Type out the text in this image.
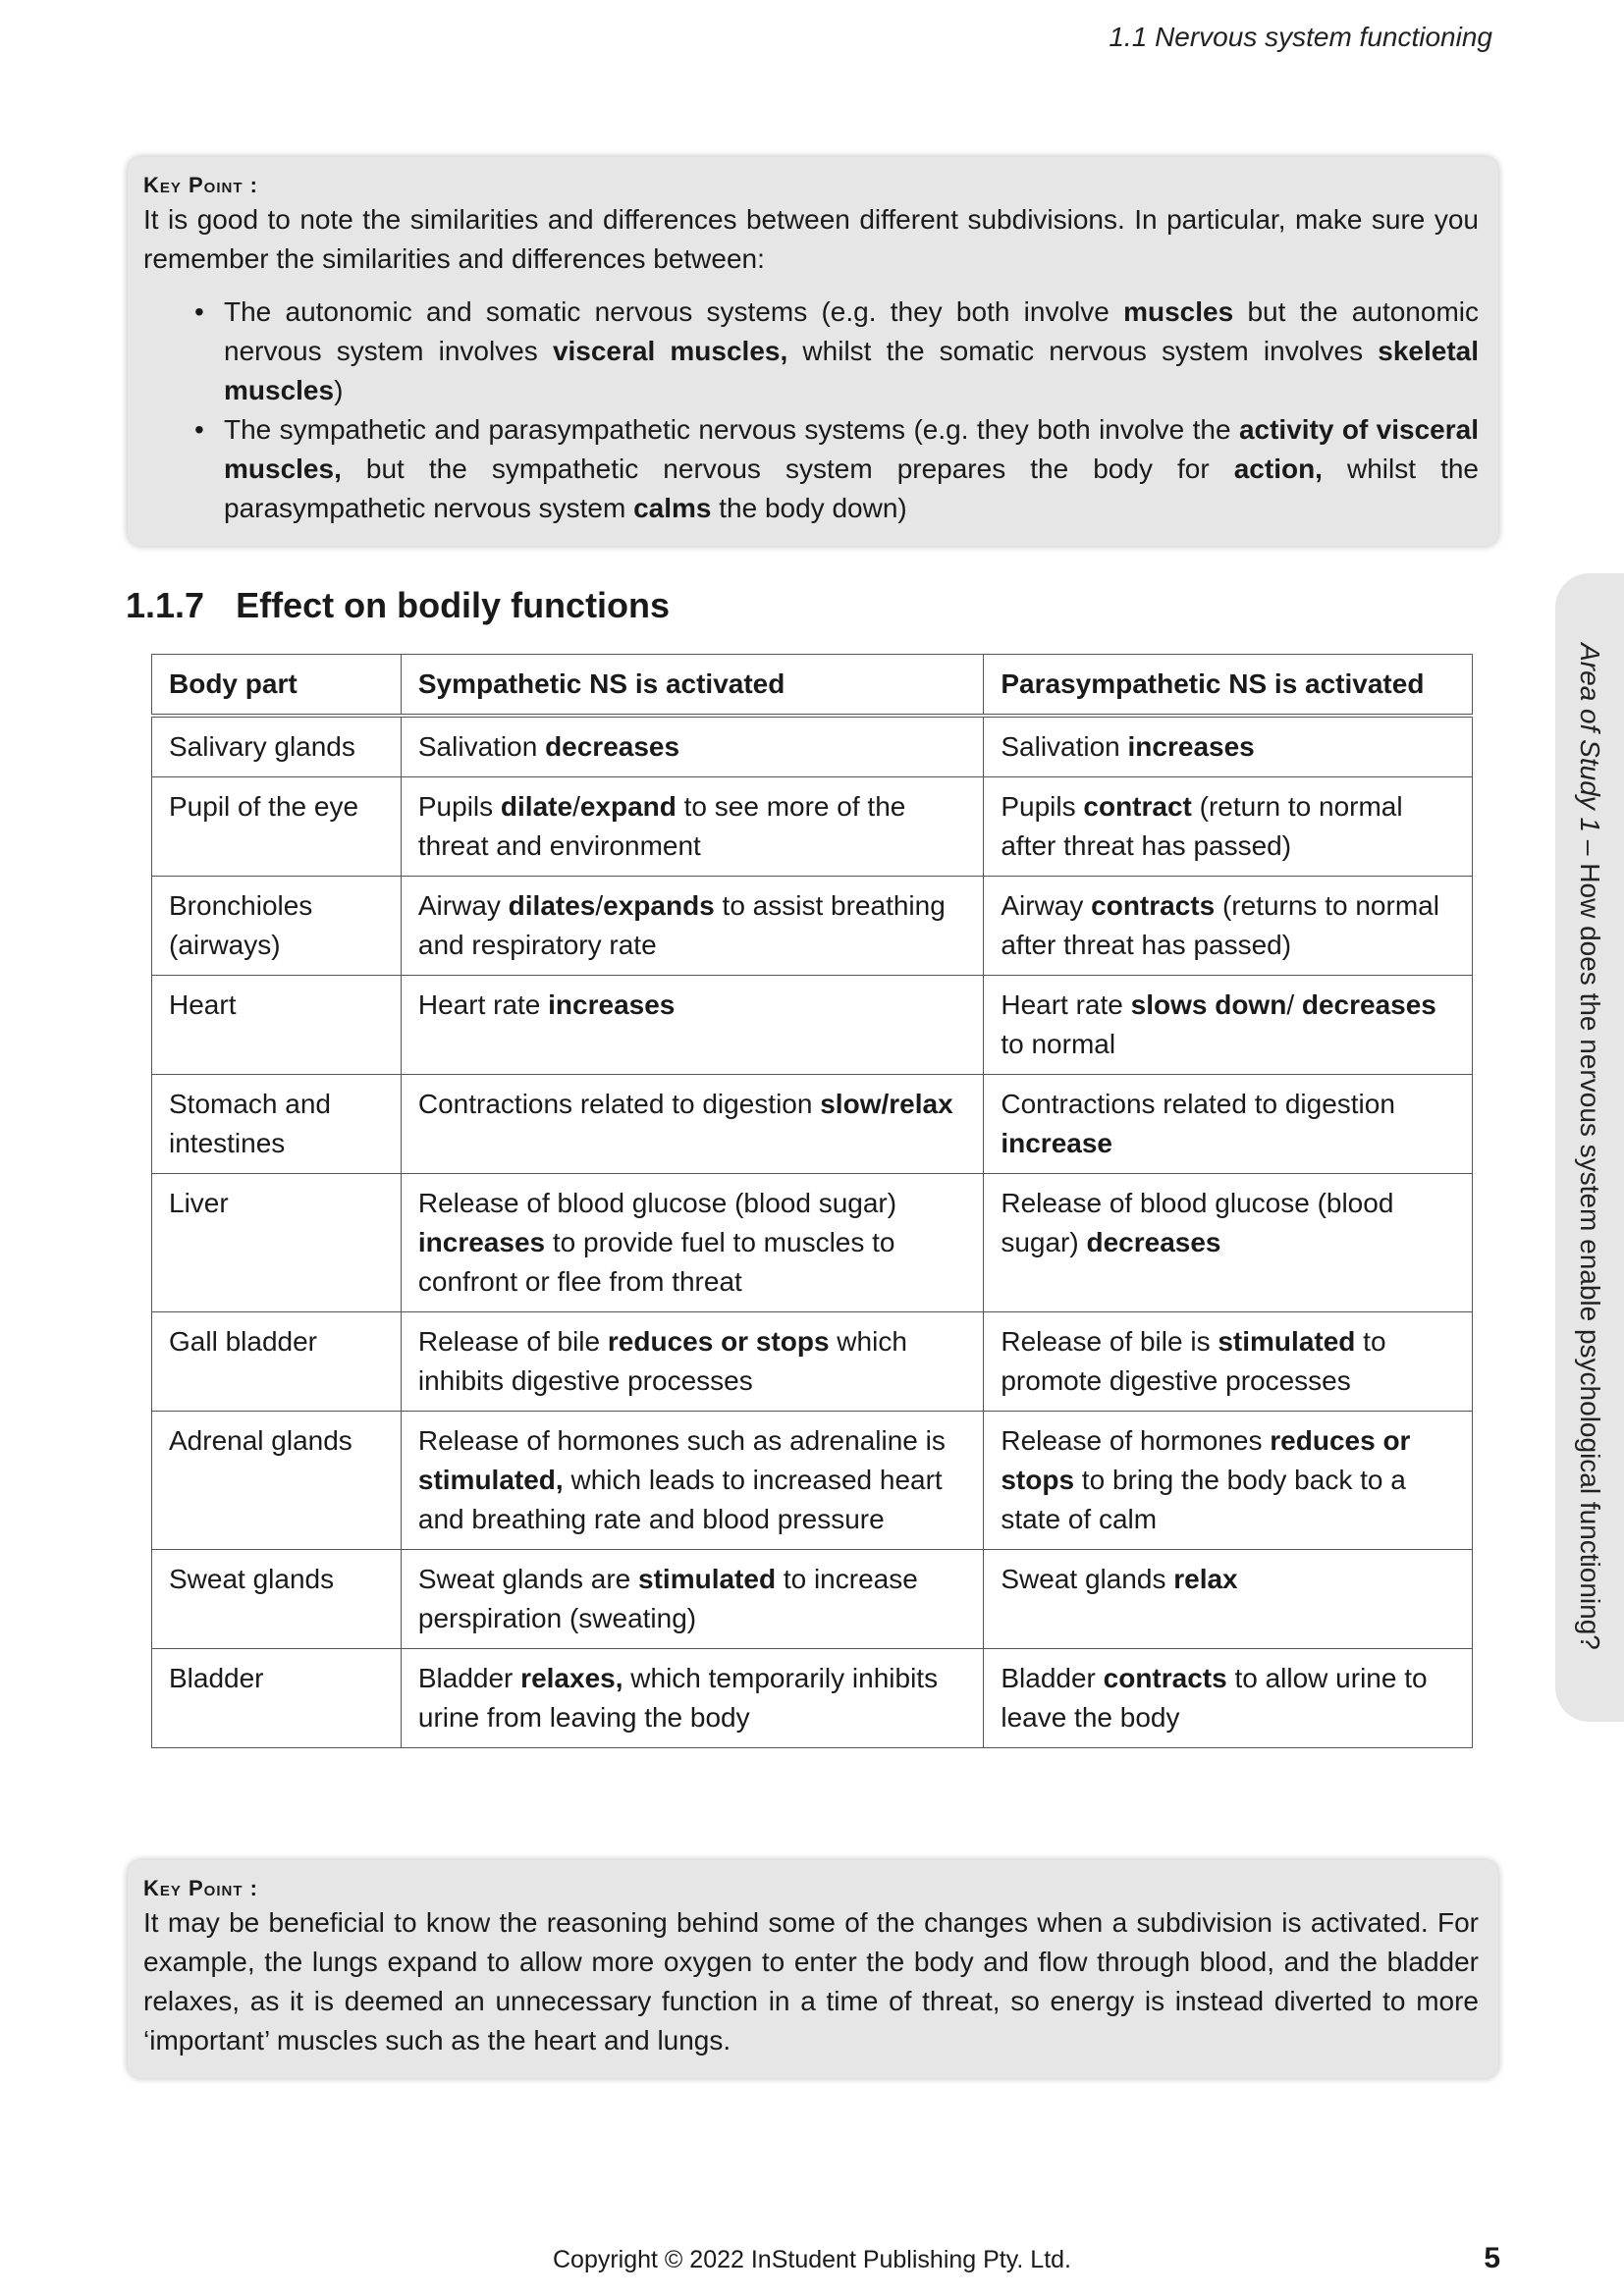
1.1 Nervous system functioning
Key Point :
It is good to note the similarities and differences between different subdivisions. In particular, make sure you remember the similarities and differences between:
• The autonomic and somatic nervous systems (e.g. they both involve muscles but the autonomic nervous system involves visceral muscles, whilst the somatic nervous system involves skeletal muscles)
• The sympathetic and parasympathetic nervous systems (e.g. they both involve the activity of visceral muscles, but the sympathetic nervous system prepares the body for action, whilst the parasympathetic nervous system calms the body down)
1.1.7 Effect on bodily functions
Body part	Sympathetic NS is activated	Parasympathetic NS is activated
Salivary glands	Salivation decreases	Salivation increases
Pupil of the eye	Pupils dilate/expand to see more of the threat and environment	Pupils contract (return to normal after threat has passed)
Bronchioles (airways)	Airway dilates/expands to assist breathing and respiratory rate	Airway contracts (returns to normal after threat has passed)
Heart	Heart rate increases	Heart rate slows down/ decreases to normal
Stomach and intestines	Contractions related to digestion slow/relax	Contractions related to digestion increase
Liver	Release of blood glucose (blood sugar) increases to provide fuel to muscles to confront or flee from threat	Release of blood glucose (blood sugar) decreases
Gall bladder	Release of bile reduces or stops which inhibits digestive processes	Release of bile is stimulated to promote digestive processes
Adrenal glands	Release of hormones such as adrenaline is stimulated, which leads to increased heart and breathing rate and blood pressure	Release of hormones reduces or stops to bring the body back to a state of calm
Sweat glands	Sweat glands are stimulated to increase perspiration (sweating)	Sweat glands relax
Bladder	Bladder relaxes, which temporarily inhibits urine from leaving the body	Bladder contracts to allow urine to leave the body
Area of Study 1 – How does the nervous system enable psychological functioning?
Key Point :
It may be beneficial to know the reasoning behind some of the changes when a subdivision is activated. For example, the lungs expand to allow more oxygen to enter the body and flow through blood, and the bladder relaxes, as it is deemed an unnecessary function in a time of threat, so energy is instead diverted to more ‘important’ muscles such as the heart and lungs.
Copyright © 2022 InStudent Publishing Pty. Ltd.	5
